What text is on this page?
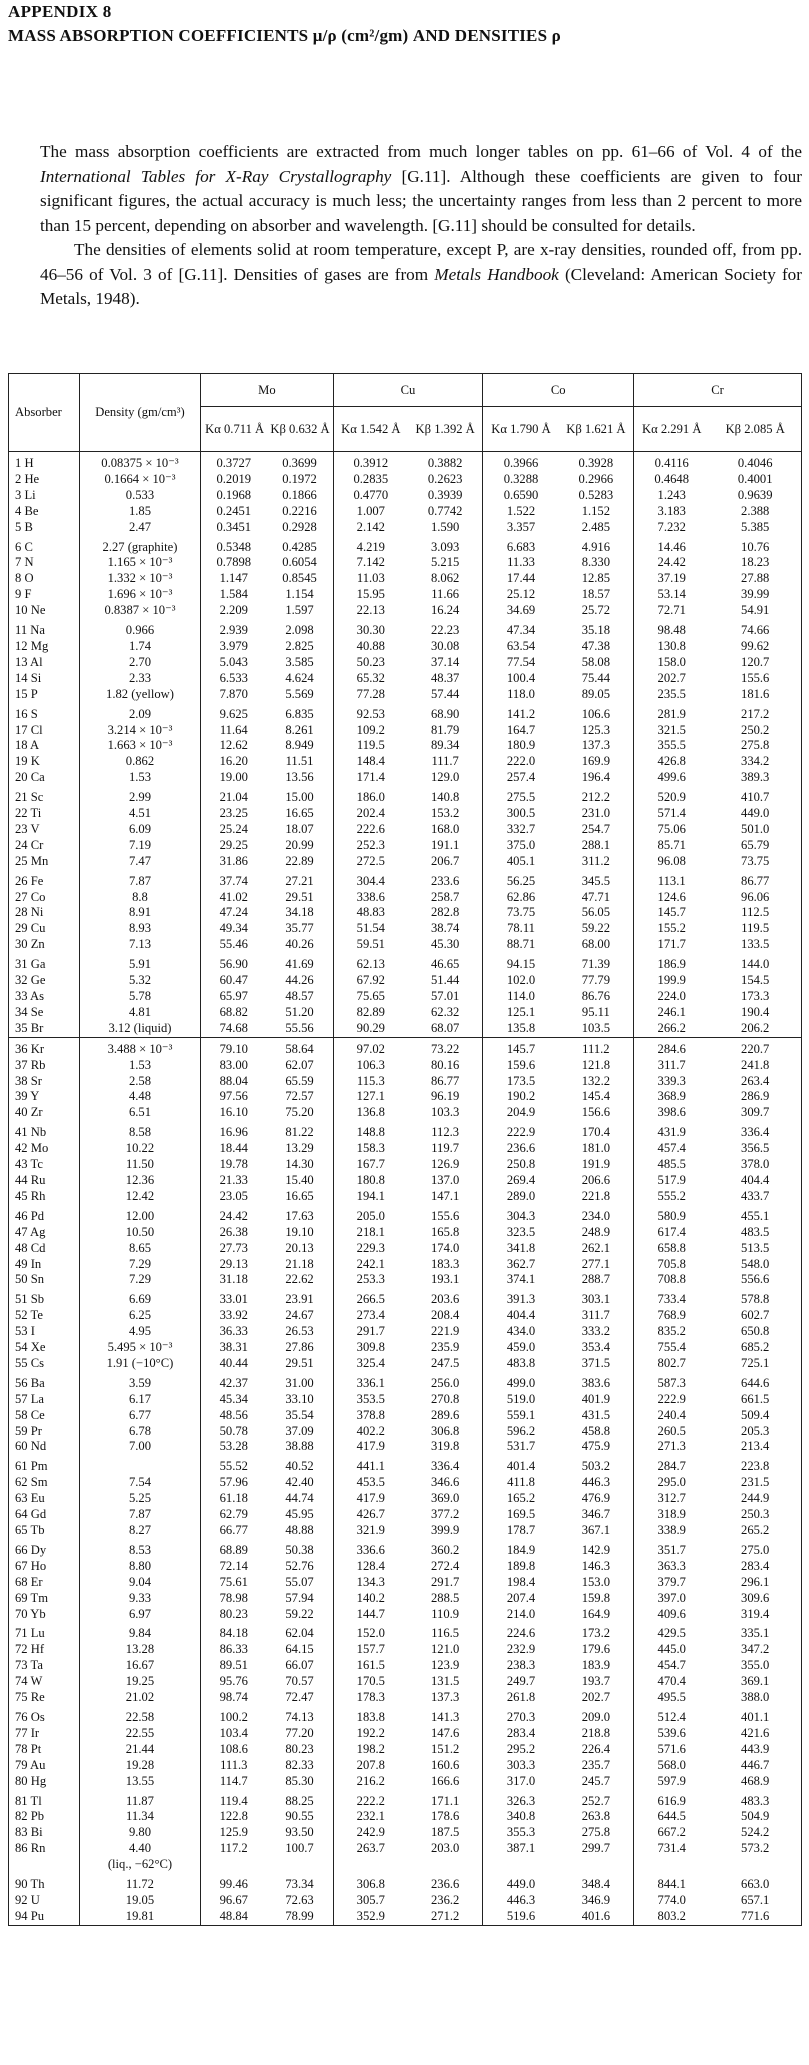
APPENDIX 8
MASS ABSORPTION COEFFICIENTS μ/ρ (cm²/gm) AND DENSITIES ρ

The mass absorption coefficients are extracted from much longer tables on pp. 61–66 of Vol. 4 of the International Tables for X-Ray Crystallography [G.11]. Although these coefficients are given to four significant figures, the actual accuracy is much less; the uncertainty ranges from less than 2 percent to more than 15 percent, depending on absorber and wavelength. [G.11] should be consulted for details.

The densities of elements solid at room temperature, except P, are x-ray densities, rounded off, from pp. 46–56 of Vol. 3 of [G.11]. Densities of gases are from Metals Handbook (Cleveland: American Society for Metals, 1948).

Absorber	Density (gm/cm³)	Mo		Cu		Co		Cr	
		Kα 0.711 Å	Kβ 0.632 Å	Kα 1.542 Å	Kβ 1.392 Å	Kα 1.790 Å	Kβ 1.621 Å	Kα 2.291 Å	Kβ 2.085 Å
1 H	0.08375 × 10⁻³	0.3727	0.3699	0.3912	0.3882	0.3966	0.3928	0.4116	0.4046
2 He	0.1664 × 10⁻³	0.2019	0.1972	0.2835	0.2623	0.3288	0.2966	0.4648	0.4001
3 Li	0.533	0.1968	0.1866	0.4770	0.3939	0.6590	0.5283	1.243	0.9639
4 Be	1.85	0.2451	0.2216	1.007	0.7742	1.522	1.152	3.183	2.388
5 B	2.47	0.3451	0.2928	2.142	1.590	3.357	2.485	7.232	5.385
6 C	2.27 (graphite)	0.5348	0.4285	4.219	3.093	6.683	4.916	14.46	10.76
7 N	1.165 × 10⁻³	0.7898	0.6054	7.142	5.215	11.33	8.330	24.42	18.23
8 O	1.332 × 10⁻³	1.147	0.8545	11.03	8.062	17.44	12.85	37.19	27.88
9 F	1.696 × 10⁻³	1.584	1.154	15.95	11.66	25.12	18.57	53.14	39.99
10 Ne	0.8387 × 10⁻³	2.209	1.597	22.13	16.24	34.69	25.72	72.71	54.91
11 Na	0.966	2.939	2.098	30.30	22.23	47.34	35.18	98.48	74.66
12 Mg	1.74	3.979	2.825	40.88	30.08	63.54	47.38	130.8	99.62
13 Al	2.70	5.043	3.585	50.23	37.14	77.54	58.08	158.0	120.7
14 Si	2.33	6.533	4.624	65.32	48.37	100.4	75.44	202.7	155.6
15 P	1.82 (yellow)	7.870	5.569	77.28	57.44	118.0	89.05	235.5	181.6
16 S	2.09	9.625	6.835	92.53	68.90	141.2	106.6	281.9	217.2
17 Cl	3.214 × 10⁻³	11.64	8.261	109.2	81.79	164.7	125.3	321.5	250.2
18 A	1.663 × 10⁻³	12.62	8.949	119.5	89.34	180.9	137.3	355.5	275.8
19 K	0.862	16.20	11.51	148.4	111.7	222.0	169.9	426.8	334.2
20 Ca	1.53	19.00	13.56	171.4	129.0	257.4	196.4	499.6	389.3
21 Sc	2.99	21.04	15.00	186.0	140.8	275.5	212.2	520.9	410.7
22 Ti	4.51	23.25	16.65	202.4	153.2	300.5	231.0	571.4	449.0
23 V	6.09	25.24	18.07	222.6	168.0	332.7	254.7	75.06	501.0
24 Cr	7.19	29.25	20.99	252.3	191.1	375.0	288.1	85.71	65.79
25 Mn	7.47	31.86	22.89	272.5	206.7	405.1	311.2	96.08	73.75
26 Fe	7.87	37.74	27.21	304.4	233.6	56.25	345.5	113.1	86.77
27 Co	8.8	41.02	29.51	338.6	258.7	62.86	47.71	124.6	96.06
28 Ni	8.91	47.24	34.18	48.83	282.8	73.75	56.05	145.7	112.5
29 Cu	8.93	49.34	35.77	51.54	38.74	78.11	59.22	155.2	119.5
30 Zn	7.13	55.46	40.26	59.51	45.30	88.71	68.00	171.7	133.5
31 Ga	5.91	56.90	41.69	62.13	46.65	94.15	71.39	186.9	144.0
32 Ge	5.32	60.47	44.26	67.92	51.44	102.0	77.79	199.9	154.5
33 As	5.78	65.97	48.57	75.65	57.01	114.0	86.76	224.0	173.3
34 Se	4.81	68.82	51.20	82.89	62.32	125.1	95.11	246.1	190.4
35 Br	3.12 (liquid)	74.68	55.56	90.29	68.07	135.8	103.5	266.2	206.2
36 Kr	3.488 × 10⁻³	79.10	58.64	97.02	73.22	145.7	111.2	284.6	220.7
37 Rb	1.53	83.00	62.07	106.3	80.16	159.6	121.8	311.7	241.8
38 Sr	2.58	88.04	65.59	115.3	86.77	173.5	132.2	339.3	263.4
39 Y	4.48	97.56	72.57	127.1	96.19	190.2	145.4	368.9	286.9
40 Zr	6.51	16.10	75.20	136.8	103.3	204.9	156.6	398.6	309.7
41 Nb	8.58	16.96	81.22	148.8	112.3	222.9	170.4	431.9	336.4
42 Mo	10.22	18.44	13.29	158.3	119.7	236.6	181.0	457.4	356.5
43 Tc	11.50	19.78	14.30	167.7	126.9	250.8	191.9	485.5	378.0
44 Ru	12.36	21.33	15.40	180.8	137.0	269.4	206.6	517.9	404.4
45 Rh	12.42	23.05	16.65	194.1	147.1	289.0	221.8	555.2	433.7
46 Pd	12.00	24.42	17.63	205.0	155.6	304.3	234.0	580.9	455.1
47 Ag	10.50	26.38	19.10	218.1	165.8	323.5	248.9	617.4	483.5
48 Cd	8.65	27.73	20.13	229.3	174.0	341.8	262.1	658.8	513.5
49 In	7.29	29.13	21.18	242.1	183.3	362.7	277.1	705.8	548.0
50 Sn	7.29	31.18	22.62	253.3	193.1	374.1	288.7	708.8	556.6
51 Sb	6.69	33.01	23.91	266.5	203.6	391.3	303.1	733.4	578.8
52 Te	6.25	33.92	24.67	273.4	208.4	404.4	311.7	768.9	602.7
53 I	4.95	36.33	26.53	291.7	221.9	434.0	333.2	835.2	650.8
54 Xe	5.495 × 10⁻³	38.31	27.86	309.8	235.9	459.0	353.4	755.4	685.2
55 Cs	1.91 (−10°C)	40.44	29.51	325.4	247.5	483.8	371.5	802.7	725.1
56 Ba	3.59	42.37	31.00	336.1	256.0	499.0	383.6	587.3	644.6
57 La	6.17	45.34	33.10	353.5	270.8	519.0	401.9	222.9	661.5
58 Ce	6.77	48.56	35.54	378.8	289.6	559.1	431.5	240.4	509.4
59 Pr	6.78	50.78	37.09	402.2	306.8	596.2	458.8	260.5	205.3
60 Nd	7.00	53.28	38.88	417.9	319.8	531.7	475.9	271.3	213.4
61 Pm		55.52	40.52	441.1	336.4	401.4	503.2	284.7	223.8
62 Sm	7.54	57.96	42.40	453.5	346.6	411.8	446.3	295.0	231.5
63 Eu	5.25	61.18	44.74	417.9	369.0	165.2	476.9	312.7	244.9
64 Gd	7.87	62.79	45.95	426.7	377.2	169.5	346.7	318.9	250.3
65 Tb	8.27	66.77	48.88	321.9	399.9	178.7	367.1	338.9	265.2
66 Dy	8.53	68.89	50.38	336.6	360.2	184.9	142.9	351.7	275.0
67 Ho	8.80	72.14	52.76	128.4	272.4	189.8	146.3	363.3	283.4
68 Er	9.04	75.61	55.07	134.3	291.7	198.4	153.0	379.7	296.1
69 Tm	9.33	78.98	57.94	140.2	288.5	207.4	159.8	397.0	309.6
70 Yb	6.97	80.23	59.22	144.7	110.9	214.0	164.9	409.6	319.4
71 Lu	9.84	84.18	62.04	152.0	116.5	224.6	173.2	429.5	335.1
72 Hf	13.28	86.33	64.15	157.7	121.0	232.9	179.6	445.0	347.2
73 Ta	16.67	89.51	66.07	161.5	123.9	238.3	183.9	454.7	355.0
74 W	19.25	95.76	70.57	170.5	131.5	249.7	193.7	470.4	369.1
75 Re	21.02	98.74	72.47	178.3	137.3	261.8	202.7	495.5	388.0
76 Os	22.58	100.2	74.13	183.8	141.3	270.3	209.0	512.4	401.1
77 Ir	22.55	103.4	77.20	192.2	147.6	283.4	218.8	539.6	421.6
78 Pt	21.44	108.6	80.23	198.2	151.2	295.2	226.4	571.6	443.9
79 Au	19.28	111.3	82.33	207.8	160.6	303.3	235.7	568.0	446.7
80 Hg	13.55	114.7	85.30	216.2	166.6	317.0	245.7	597.9	468.9
81 Tl	11.87	119.4	88.25	222.2	171.1	326.3	252.7	616.9	483.3
82 Pb	11.34	122.8	90.55	232.1	178.6	340.8	263.8	644.5	504.9
83 Bi	9.80	125.9	93.50	242.9	187.5	355.3	275.8	667.2	524.2
86 Rn	4.40	117.2	100.7	263.7	203.0	387.1	299.7	731.4	573.2
	(liq., −62°C)								
90 Th	11.72	99.46	73.34	306.8	236.6	449.0	348.4	844.1	663.0
92 U	19.05	96.67	72.63	305.7	236.2	446.3	346.9	774.0	657.1
94 Pu	19.81	48.84	78.99	352.9	271.2	519.6	401.6	803.2	771.6
